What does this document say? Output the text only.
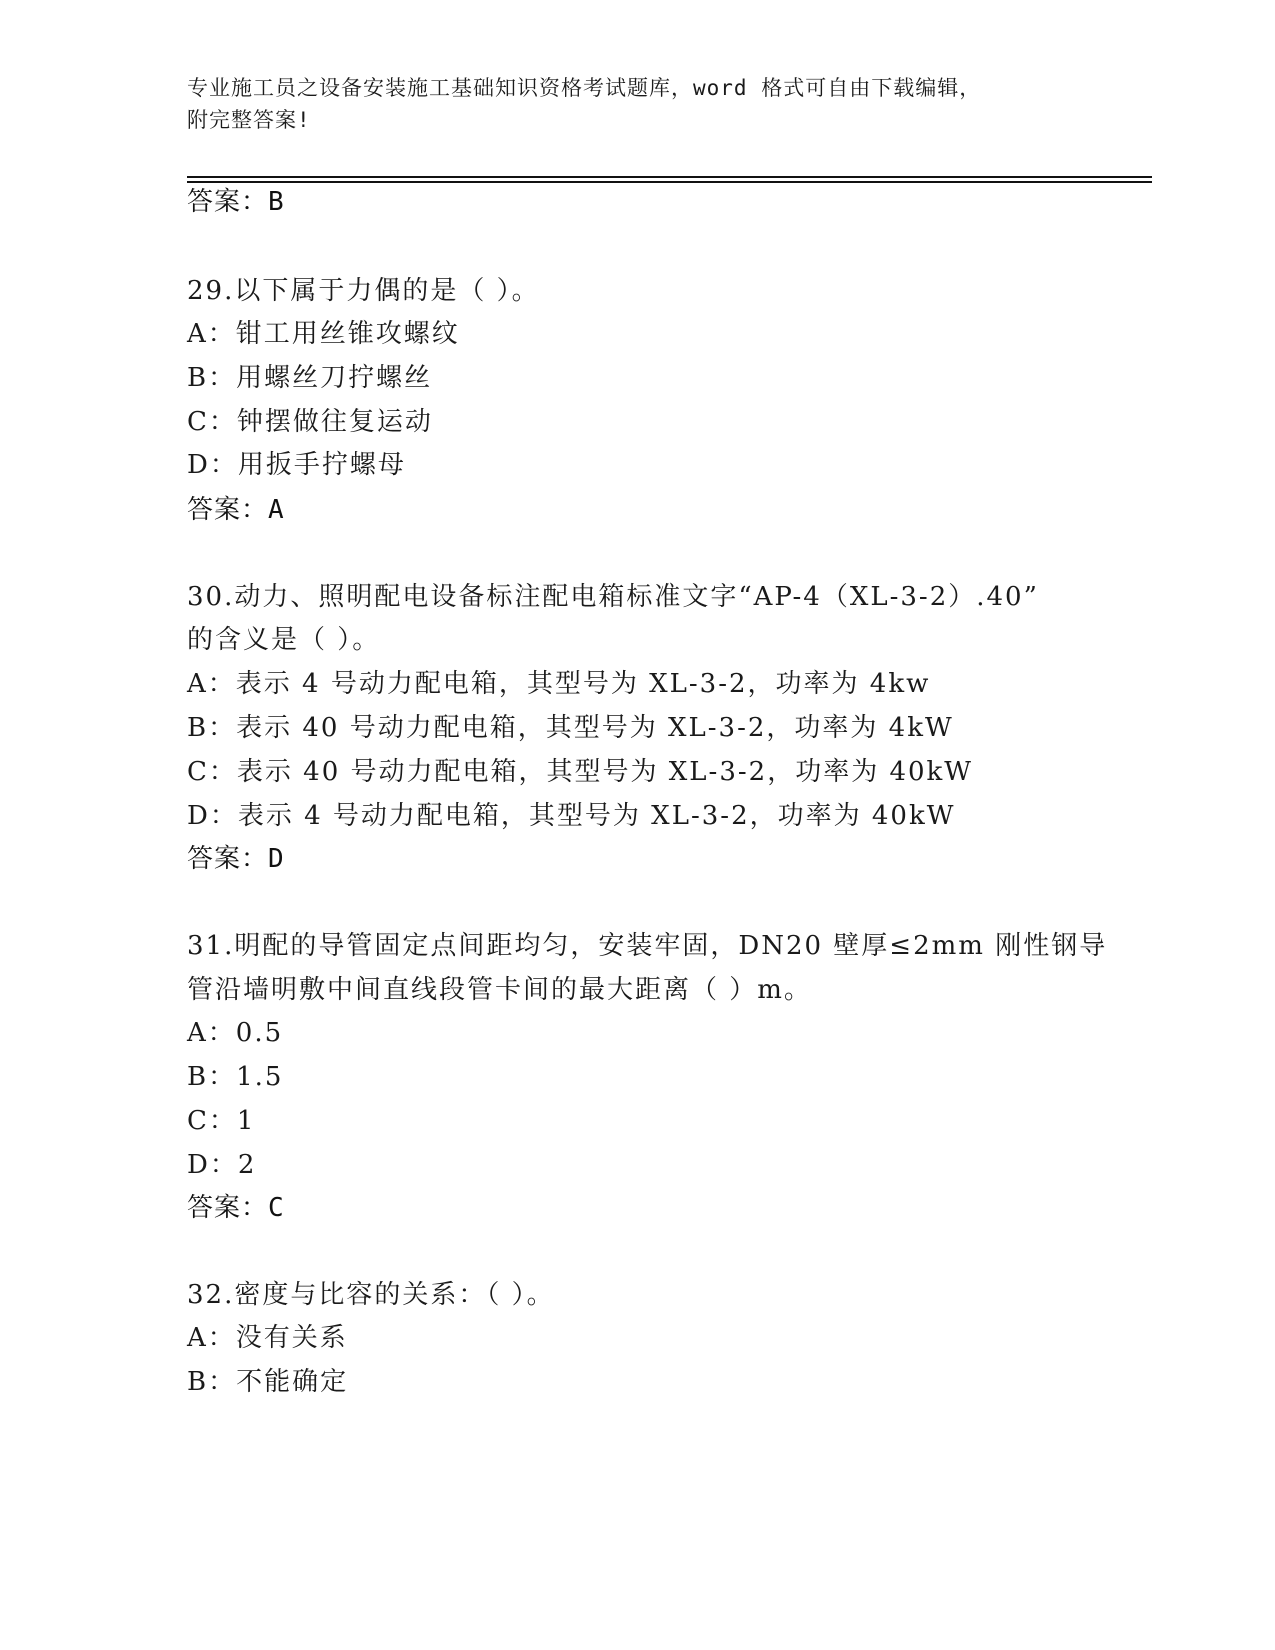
专业施工员之设备安装施工基础知识资格考试题库，word 格式可自由下载编辑，
附完整答案!
答案：B
29.以下属于力偶的是（ ）。
A：钳工用丝锥攻螺纹
B：用螺丝刀拧螺丝
C：钟摆做往复运动
D：用扳手拧螺母
答案：A
30.动力、照明配电设备标注配电箱标准文字“AP-4（XL-3-2）.40”
的含义是（ ）。
A：表示 4 号动力配电箱，其型号为 XL-3-2，功率为 4kw
B：表示 40 号动力配电箱，其型号为 XL-3-2，功率为 4kW
C：表示 40 号动力配电箱，其型号为 XL-3-2，功率为 40kW
D：表示 4 号动力配电箱，其型号为 XL-3-2，功率为 40kW
答案：D
31.明配的导管固定点间距均匀，安装牢固，DN20 壁厚≤2mm 刚性钢导
管沿墙明敷中间直线段管卡间的最大距离（ ）m。
A：0.5
B：1.5
C：1
D：2
答案：C
32.密度与比容的关系：（ ）。
A：没有关系
B：不能确定
